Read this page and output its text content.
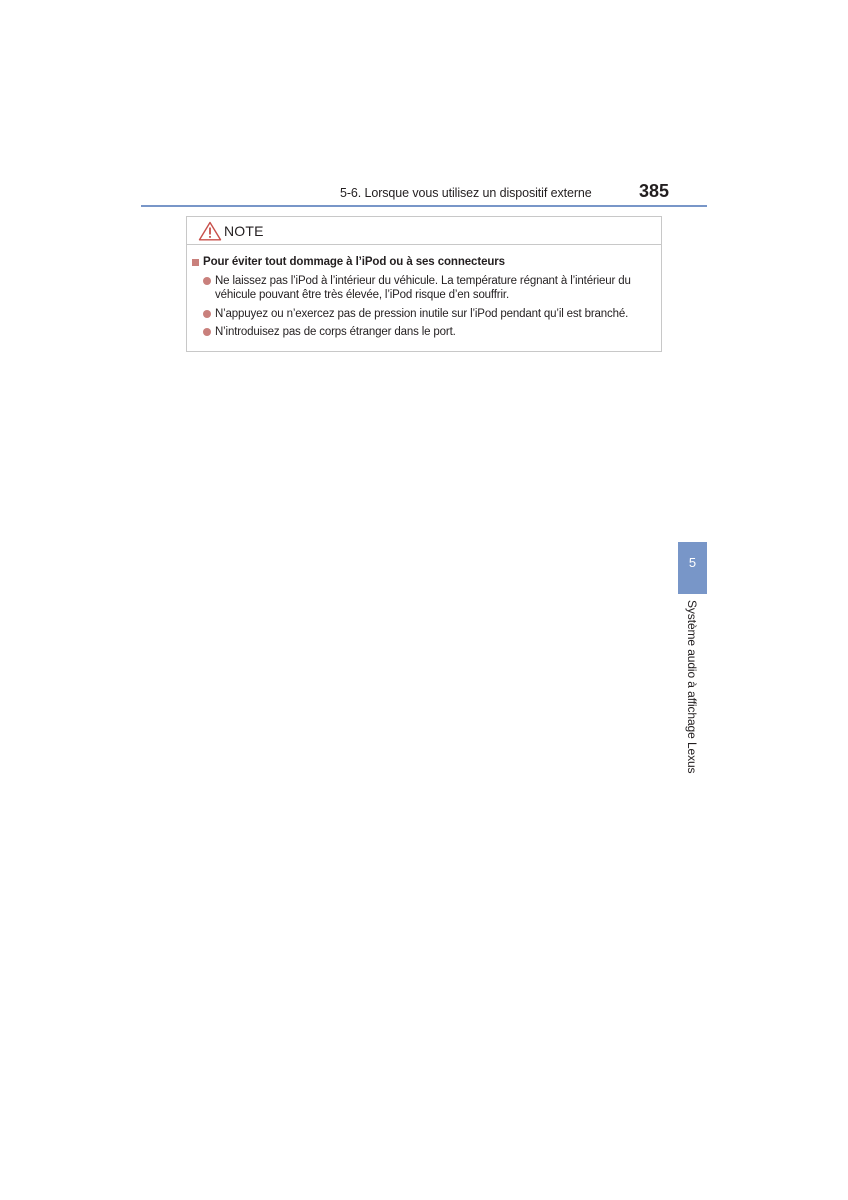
5-6. Lorsque vous utilisez un dispositif externe	385
NOTE
Pour éviter tout dommage à l’iPod ou à ses connecteurs
Ne laissez pas l’iPod à l’intérieur du véhicule. La température régnant à l’intérieur du
véhicule pouvant être très élevée, l’iPod risque d’en souffrir.
N’appuyez ou n’exercez pas de pression inutile sur l’iPod pendant qu’il est branché.
N’introduisez pas de corps étranger dans le port.
5
Système audio à affichage Lexus
